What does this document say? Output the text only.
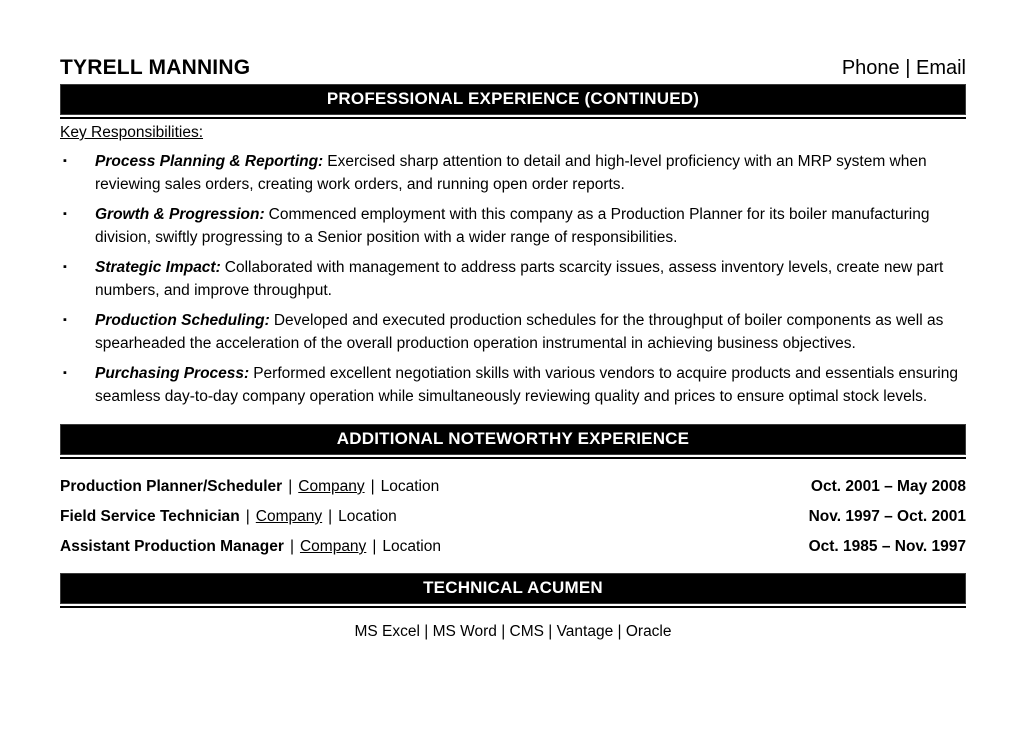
TYRELL MANNING	Phone | Email
PROFESSIONAL EXPERIENCE (CONTINUED)
Key Responsibilities:
▪	Process Planning & Reporting: Exercised sharp attention to detail and high-level proficiency with an MRP system when reviewing sales orders, creating work orders, and running open order reports.

▪	Growth & Progression: Commenced employment with this company as a Production Planner for its boiler manufacturing division, swiftly progressing to a Senior position with a wider range of responsibilities.

▪	Strategic Impact: Collaborated with management to address parts scarcity issues, assess inventory levels, create new part numbers, and improve throughput.

▪	Production Scheduling: Developed and executed production schedules for the throughput of boiler components as well as spearheaded the acceleration of the overall production operation instrumental in achieving business objectives.

▪	Purchasing Process: Performed excellent negotiation skills with various vendors to acquire products and essentials ensuring seamless day-to-day company operation while simultaneously reviewing quality and prices to ensure optimal stock levels.

ADDITIONAL NOTEWORTHY EXPERIENCE
Production Planner/Scheduler | Company | Location	Oct. 2001 – May 2008
Field Service Technician | Company | Location	Nov. 1997 – Oct. 2001
Assistant Production Manager | Company | Location	Oct. 1985 – Nov. 1997
TECHNICAL ACUMEN
MS Excel | MS Word | CMS | Vantage | Oracle
